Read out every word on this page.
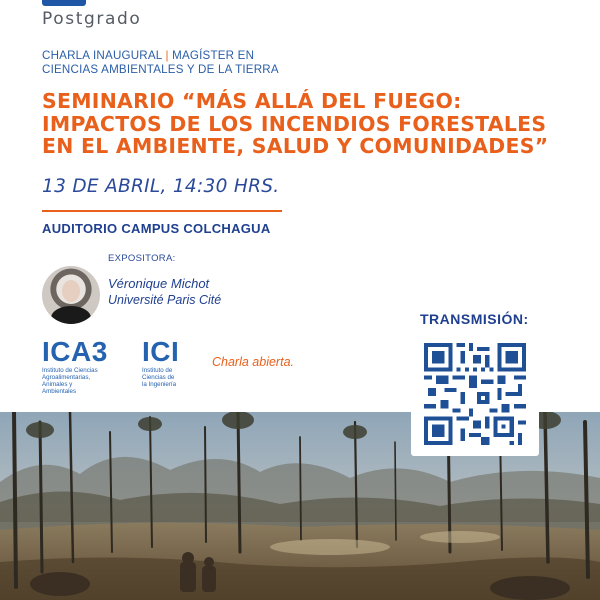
Postgrado
CHARLA INAUGURAL | MAGÍSTER EN
CIENCIAS AMBIENTALES Y DE LA TIERRA
SEMINARIO “MÁS ALLÁ DEL FUEGO:
IMPACTOS DE LOS INCENDIOS FORESTALES
EN EL AMBIENTE, SALUD Y COMUNIDADES”
13 DE ABRIL, 14:30 HRS.
AUDITORIO CAMPUS COLCHAGUA
EXPOSITORA:
Véronique Michot
Université Paris Cité
ICA3
Instituto de Ciencias
Agroalimentarias,
Animales y
Ambientales
ICI
Instituto de
Ciencias de
la Ingeniería
Charla abierta.
TRANSMISIÓN:
